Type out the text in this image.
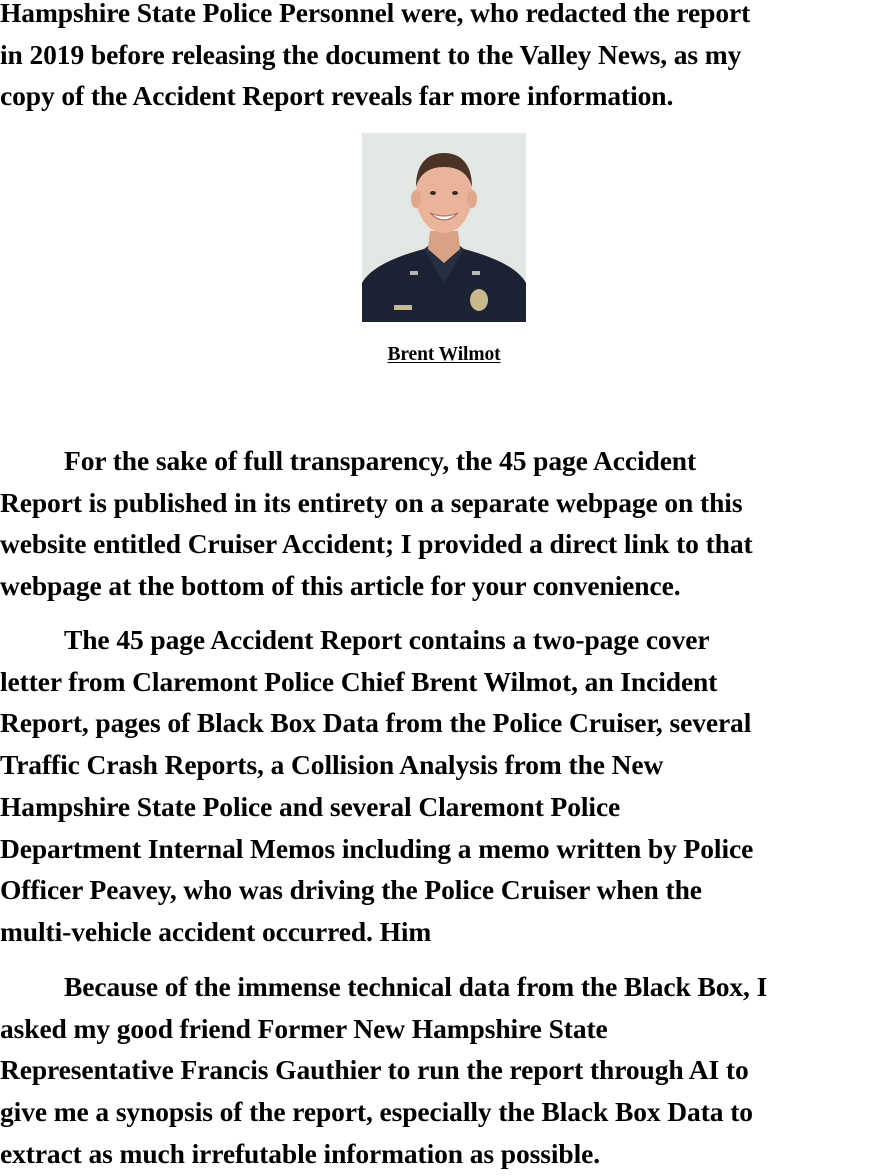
Hampshire State Police Personnel were, who redacted the report
in 2019 before releasing the document to the Valley News, as my
copy of the Accident Report reveals far more information.

Brent Wilmot

For the sake of full transparency, the 45 page Accident
Report is published in its entirety on a separate webpage on this
website entitled Cruiser Accident; I provided a direct link to that
webpage at the bottom of this article for your convenience.

The 45 page Accident Report contains a two-page cover
letter from Claremont Police Chief Brent Wilmot, an Incident
Report, pages of Black Box Data from the Police Cruiser, several
Traffic Crash Reports, a Collision Analysis from the New
Hampshire State Police and several Claremont Police
Department Internal Memos including a memo written by Police
Officer Peavey, who was driving the Police Cruiser when the
multi-vehicle accident occurred. Him

Because of the immense technical data from the Black Box, I
asked my good friend Former New Hampshire State
Representative Francis Gauthier to run the report through AI to
give me a synopsis of the report, especially the Black Box Data to
extract as much irrefutable information as possible.
